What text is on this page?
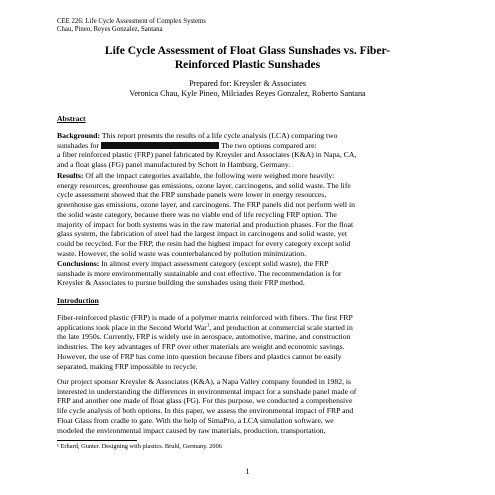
CEE 226: Life Cycle Assessment of Complex Systems
Chau, Pineo, Reyes Gonzalez, Santana
Life Cycle Assessment of Float Glass Sunshades vs. Fiber-
Reinforced Plastic Sunshades
Prepared for: Kreysler & Associates
Veronica Chau, Kyle Pineo, Milciades Reyes Gonzalez, Roberto Santana
Abstract
Background: This report presents the results of a life cycle analysis (LCA) comparing two
sunshades for	The two options compared are:
a fiber reinforced plastic (FRP) panel fabricated by Kreysler and Associates (K&A) in Napa, CA,
and a float glass (FG) panel manufactured by Schott in Hamburg, Germany.
Results: Of all the impact categories available, the following were weighed more heavily:
energy resources, greenhouse gas emissions, ozone layer, carcinogens, and solid waste. The life
cycle assessment showed that the FRP sunshade panels were lower in energy resources,
greenhouse gas emissions, ozone layer, and carcinogens. The FRP panels did not perform well in
the solid waste category, because there was no viable end of life recycling FRP option. The
majority of impact for both systems was in the raw material and production phases. For the float
glass system, the fabrication of steel had the largest impact in carcinogens and solid waste, yet
could be recycled. For the FRP, the resin had the highest impact for every category except solid
waste. However, the solid waste was counterbalanced by pollution minimization.
Conclusions: In almost every impact assessment category (except solid waste), the FRP
sunshade is more environmentally sustainable and cost effective. The recommendation is for
Kreysler & Associates to pursue building the sunshades using their FRP method.
Introduction
Fiber-reinforced plastic (FRP) is made of a polymer matrix reinforced with fibers. The first FRP
applications took place in the Second World War$^1$, and production at commercial scale started in
the late 1950s. Currently, FRP is widely use in aerospace, automotive, marine, and construction
industries. The key advantages of FRP over other materials are weight and economic savings.
However, the use of FRP has come into question because fibers and plastics cannot be easily
separated, making FRP impossible to recycle.
Our project sponsor Kreysler & Associates (K&A), a Napa Valley company founded in 1982, is
interested in understanding the differences in environmental impact for a sunshade panel made of
FRP and another one made of float glass (FG). For this purpose, we conducted a comprehensive
life cycle analysis of both options. In this paper, we assess the environmental impact of FRP and
Float Glass from cradle to gate. With the help of SimaPro, a LCA simulation software, we
modeled the environmental impact caused by raw materials, production, transportation,
¹ Erhard, Gunter. Designing with plastics. Bruhl, Germany. 2006
1
